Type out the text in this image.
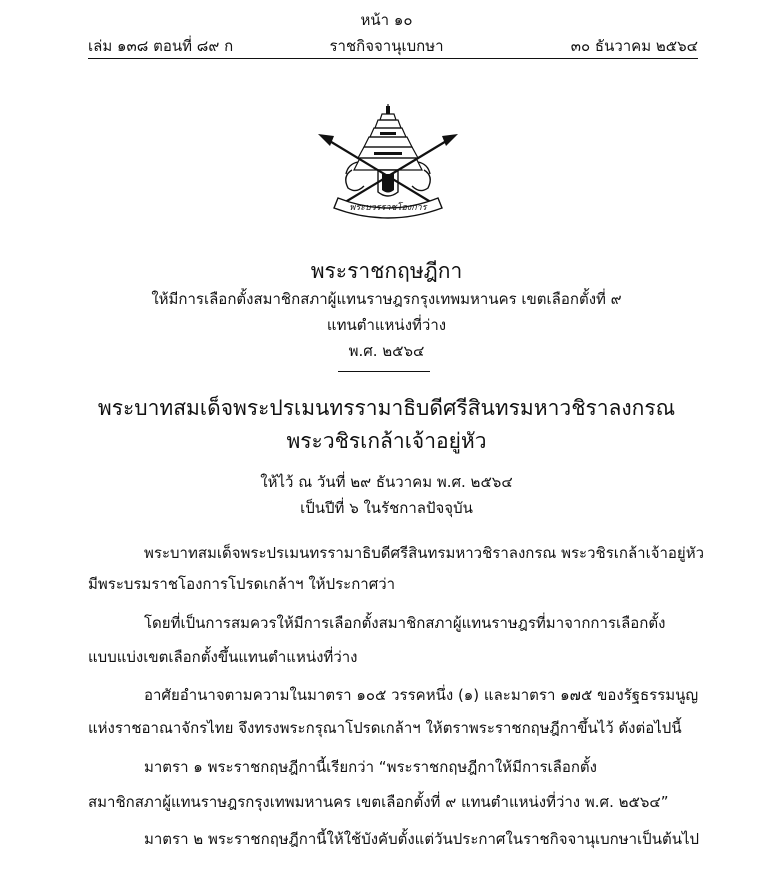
หน้า ๑๐
เล่ม ๑๓๘ ตอนที่ ๘๙ ก	ราชกิจจานุเบกษา	๓๐ ธันวาคม ๒๕๖๔
พระบวรราชโองการ
พระราชกฤษฎีกา
ให้มีการเลือกตั้งสมาชิกสภาผู้แทนราษฎรกรุงเทพมหานคร เขตเลือกตั้งที่ ๙
แทนตำแหน่งที่ว่าง
พ.ศ. ๒๕๖๔
พระบาทสมเด็จพระปรเมนทรรามาธิบดีศรีสินทรมหาวชิราลงกรณ
พระวชิรเกล้าเจ้าอยู่หัว
ให้ไว้ ณ วันที่ ๒๙ ธันวาคม พ.ศ. ๒๕๖๔
เป็นปีที่ ๖ ในรัชกาลปัจจุบัน
พระบาทสมเด็จพระปรเมนทรรามาธิบดีศรีสินทรมหาวชิราลงกรณ พระวชิรเกล้าเจ้าอยู่หัว
มีพระบรมราชโองการโปรดเกล้าฯ ให้ประกาศว่า
โดยที่เป็นการสมควรให้มีการเลือกตั้งสมาชิกสภาผู้แทนราษฎรที่มาจากการเลือกตั้ง
แบบแบ่งเขตเลือกตั้งขึ้นแทนตำแหน่งที่ว่าง
อาศัยอำนาจตามความในมาตรา ๑๐๕ วรรคหนึ่ง (๑) และมาตรา ๑๗๕ ของรัฐธรรมนูญ
แห่งราชอาณาจักรไทย จึงทรงพระกรุณาโปรดเกล้าฯ ให้ตราพระราชกฤษฎีกาขึ้นไว้ ดังต่อไปนี้
มาตรา ๑ พระราชกฤษฎีกานี้เรียกว่า “พระราชกฤษฎีกาให้มีการเลือกตั้ง
สมาชิกสภาผู้แทนราษฎรกรุงเทพมหานคร เขตเลือกตั้งที่ ๙ แทนตำแหน่งที่ว่าง พ.ศ. ๒๕๖๔”
มาตรา ๒ พระราชกฤษฎีกานี้ให้ใช้บังคับตั้งแต่วันประกาศในราชกิจจานุเบกษาเป็นต้นไป
